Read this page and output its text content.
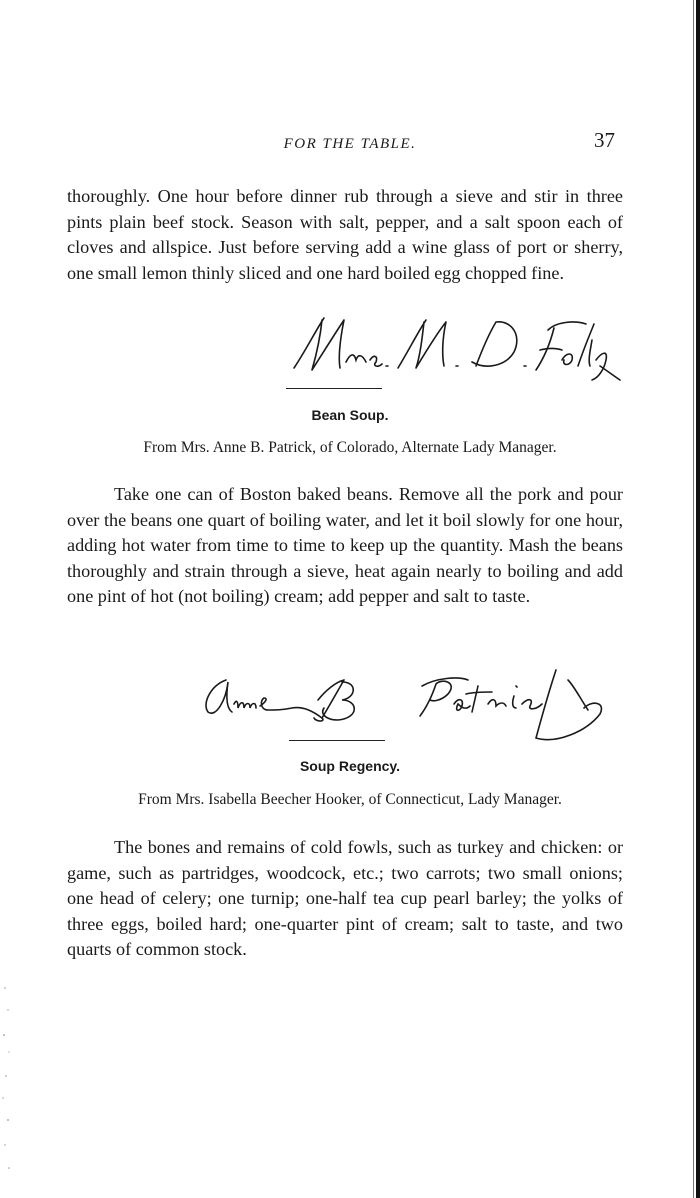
FOR THE TABLE.	37
thoroughly. One hour before dinner rub through a sieve and stir in three pints plain beef stock. Season with salt, pepper, and a salt spoon each of cloves and allspice. Just before serving add a wine glass of port or sherry, one small lemon thinly sliced and one hard boiled egg chopped fine.
Bean Soup.
From Mrs. Anne B. Patrick, of Colorado, Alternate Lady Manager.
Take one can of Boston baked beans. Remove all the pork and pour over the beans one quart of boiling water, and let it boil slowly for one hour, adding hot water from time to time to keep up the quantity. Mash the beans thoroughly and strain through a sieve, heat again nearly to boiling and add one pint of hot (not boiling) cream; add pepper and salt to taste.
Soup Regency.
From Mrs. Isabella Beecher Hooker, of Connecticut, Lady Manager.
The bones and remains of cold fowls, such as turkey and chicken: or game, such as partridges, woodcock, etc.; two carrots; two small onions; one head of celery; one turnip; one-half tea cup pearl barley; the yolks of three eggs, boiled hard; one-quarter pint of cream; salt to taste, and two quarts of common stock.
